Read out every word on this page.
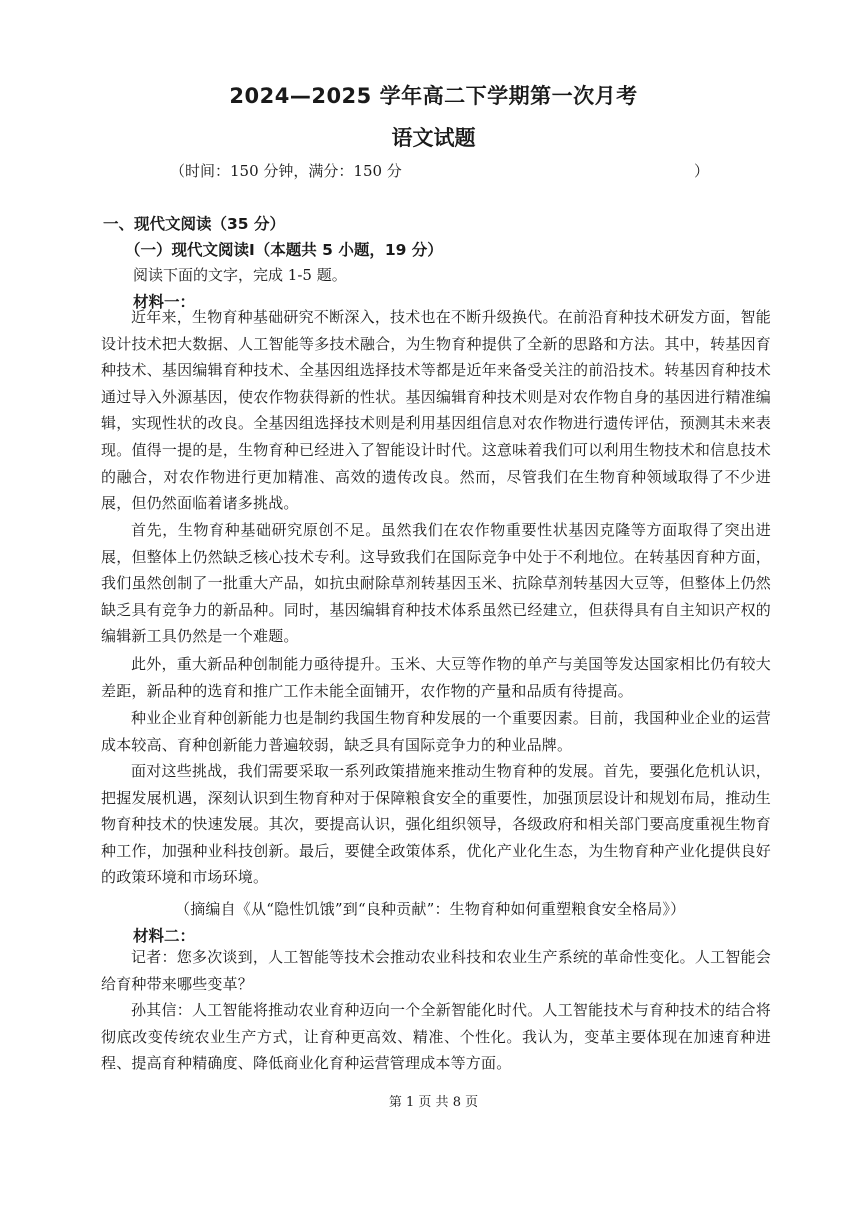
2024—2025 学年高二下学期第一次月考
语文试题
（时间：150 分钟，满分：150 分	）
一、现代文阅读（35 分）
（一）现代文阅读Ⅰ（本题共 5 小题，19 分）
阅读下面的文字，完成 1-5 题。
材料一：

近年来，生物育种基础研究不断深入，技术也在不断升级换代。在前沿育种技术研发方面，智能设计技术把大数据、人工智能等多技术融合，为生物育种提供了全新的思路和方法。其中，转基因育种技术、基因编辑育种技术、全基因组选择技术等都是近年来备受关注的前沿技术。转基因育种技术通过导入外源基因，使农作物获得新的性状。基因编辑育种技术则是对农作物自身的基因进行精准编辑，实现性状的改良。全基因组选择技术则是利用基因组信息对农作物进行遗传评估，预测其未来表现。值得一提的是，生物育种已经进入了智能设计时代。这意味着我们可以利用生物技术和信息技术的融合，对农作物进行更加精准、高效的遗传改良。然而，尽管我们在生物育种领域取得了不少进展，但仍然面临着诸多挑战。

首先，生物育种基础研究原创不足。虽然我们在农作物重要性状基因克隆等方面取得了突出进展，但整体上仍然缺乏核心技术专利。这导致我们在国际竞争中处于不利地位。在转基因育种方面，我们虽然创制了一批重大产品，如抗虫耐除草剂转基因玉米、抗除草剂转基因大豆等，但整体上仍然缺乏具有竞争力的新品种。同时，基因编辑育种技术体系虽然已经建立，但获得具有自主知识产权的编辑新工具仍然是一个难题。

此外，重大新品种创制能力亟待提升。玉米、大豆等作物的单产与美国等发达国家相比仍有较大差距，新品种的选育和推广工作未能全面铺开，农作物的产量和品质有待提高。

种业企业育种创新能力也是制约我国生物育种发展的一个重要因素。目前，我国种业企业的运营成本较高、育种创新能力普遍较弱，缺乏具有国际竞争力的种业品牌。

面对这些挑战，我们需要采取一系列政策措施来推动生物育种的发展。首先，要强化危机认识，把握发展机遇，深刻认识到生物育种对于保障粮食安全的重要性，加强顶层设计和规划布局，推动生物育种技术的快速发展。其次，要提高认识，强化组织领导，各级政府和相关部门要高度重视生物育种工作，加强种业科技创新。最后，要健全政策体系，优化产业化生态，为生物育种产业化提供良好的政策环境和市场环境。

（摘编自《从“隐性饥饿”到“良种贡献”：生物育种如何重塑粮食安全格局》）
材料二：

记者：您多次谈到，人工智能等技术会推动农业科技和农业生产系统的革命性变化。人工智能会给育种带来哪些变革？

孙其信：人工智能将推动农业育种迈向一个全新智能化时代。人工智能技术与育种技术的结合将彻底改变传统农业生产方式，让育种更高效、精准、个性化。我认为，变革主要体现在加速育种进程、提高育种精确度、降低商业化育种运营管理成本等方面。

第 1 页 共 8 页
